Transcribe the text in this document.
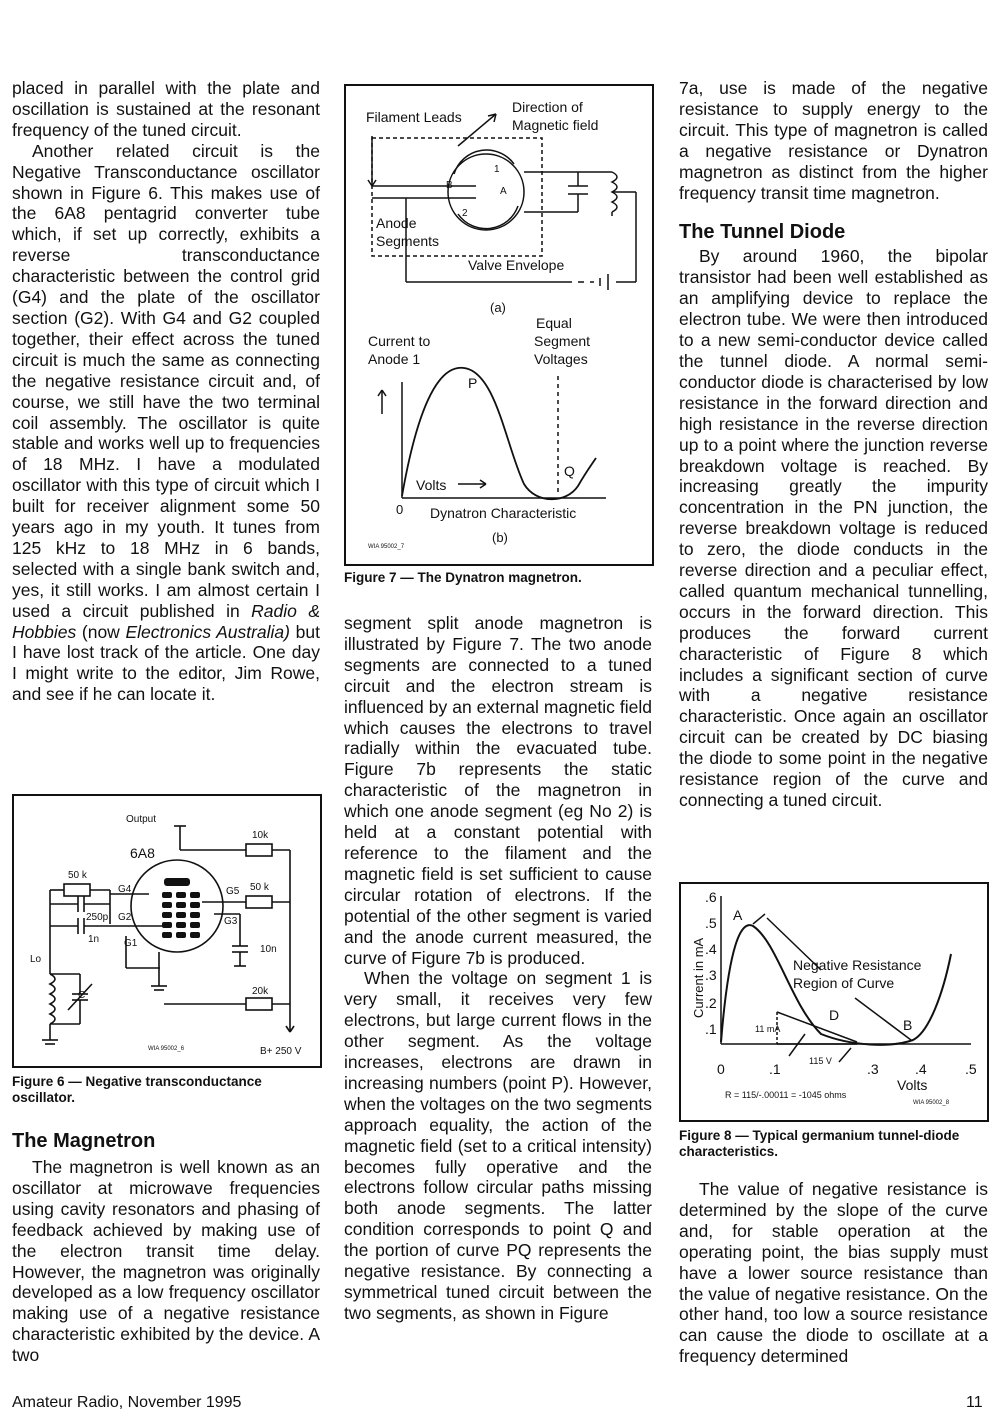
placed in parallel with the plate and oscillation is sustained at the resonant frequency of the tuned circuit.

Another related circuit is the Negative Transconductance oscillator shown in Figure 6. This makes use of the 6A8 pentagrid converter tube which, if set up correctly, exhibits a reverse transconductance characteristic between the control grid (G4) and the plate of the oscillator section (G2). With G4 and G2 coupled together, their effect across the tuned circuit is much the same as connecting the negative resistance circuit and, of course, we still have the two terminal coil assembly. The oscillator is quite stable and works well up to frequencies of 18 MHz. I have a modulated oscillator with this type of circuit which I built for receiver alignment some 50 years ago in my youth. It tunes from 125 kHz to 18 MHz in 6 bands, selected with a single bank switch and, yes, it still works. I am almost certain I used a circuit published in Radio & Hobbies (now Electronics Australia) but I have lost track of the article. One day I might write to the editor, Jim Rowe, and see if he can locate it.

Output
6A8
10k
50 k
50 k
G4	G5
250p G2	G3
1n G1
10n
Lo
C	20k
WIA 95002_6	B+ 250 V

Figure 6 — Negative transconductance oscillator.

The Magnetron

The magnetron is well known as an oscillator at microwave frequencies using cavity resonators and phasing of feedback achieved by making use of the electron transit time delay. However, the magnetron was originally developed as a low frequency oscillator making use of a negative resistance characteristic exhibited by the device. A two

Filament Leads
Direction of
Magnetic field
B
A
1
2
Anode
Segments
Valve Envelope
(a)
Current to
Anode 1
Equal
Segment
Voltages
P
Q
Volts
0 Dynatron Characteristic
WIA 95002_7
(b)

Figure 7 — The Dynatron magnetron.

segment split anode magnetron is illustrated by Figure 7. The two anode segments are connected to a tuned circuit and the electron stream is influenced by an external magnetic field which causes the electrons to travel radially within the evacuated tube. Figure 7b represents the static characteristic of the magnetron in which one anode segment (eg No 2) is held at a constant potential with reference to the filament and the magnetic field is set sufficient to cause circular rotation of electrons. If the potential of the other segment is varied and the anode current measured, the curve of Figure 7b is produced.

When the voltage on segment 1 is very small, it receives very few electrons, but large current flows in the other segment. As the voltage increases, electrons are drawn in increasing numbers (point P). However, when the voltages on the two segments approach equality, the action of the magnetic field (set to a critical intensity) becomes fully operative and the electrons follow circular paths missing both anode segments. The latter condition corresponds to point Q and the portion of curve PQ represents the negative resistance. By connecting a symmetrical tuned circuit between the two segments, as shown in Figure

7a, use is made of the negative resistance to supply energy to the circuit. This type of magnetron is called a negative resistance or Dynatron magnetron as distinct from the higher frequency transit time magnetron.

The Tunnel Diode

By around 1960, the bipolar transistor had been well established as an amplifying device to replace the electron tube. We were then introduced to a new semi-conductor device called the tunnel diode. A normal semi-conductor diode is characterised by low resistance in the forward direction and high resistance in the reverse direction up to a point where the junction reverse breakdown voltage is reached. By increasing greatly the impurity concentration in the PN junction, the reverse breakdown voltage is reduced to zero, the diode conducts in the reverse direction and a peculiar effect, called quantum mechanical tunnelling, occurs in the forward direction. This produces the forward current characteristic of Figure 8 which includes a significant section of curve with a negative resistance characteristic. Once again an oscillator circuit can be created by DC biasing the diode to some point in the negative resistance region of the curve and connecting a tuned circuit.

.6
.5
.4
.3
.2
.1
0	.1	.3	.4	.5
Volts
A
B
D
Negative Resistance
Region of Curve
Current in mA
11 mA
115 V
R = 115/-.00011 = -1045 ohms
WIA 95002_8

Figure 8 — Typical germanium tunnel-diode characteristics.

The value of negative resistance is determined by the slope of the curve and, for stable operation at the operating point, the bias supply must have a lower source resistance than the value of negative resistance. On the other hand, too low a source resistance can cause the diode to oscillate at a frequency determined

Amateur Radio, November 1995	11
